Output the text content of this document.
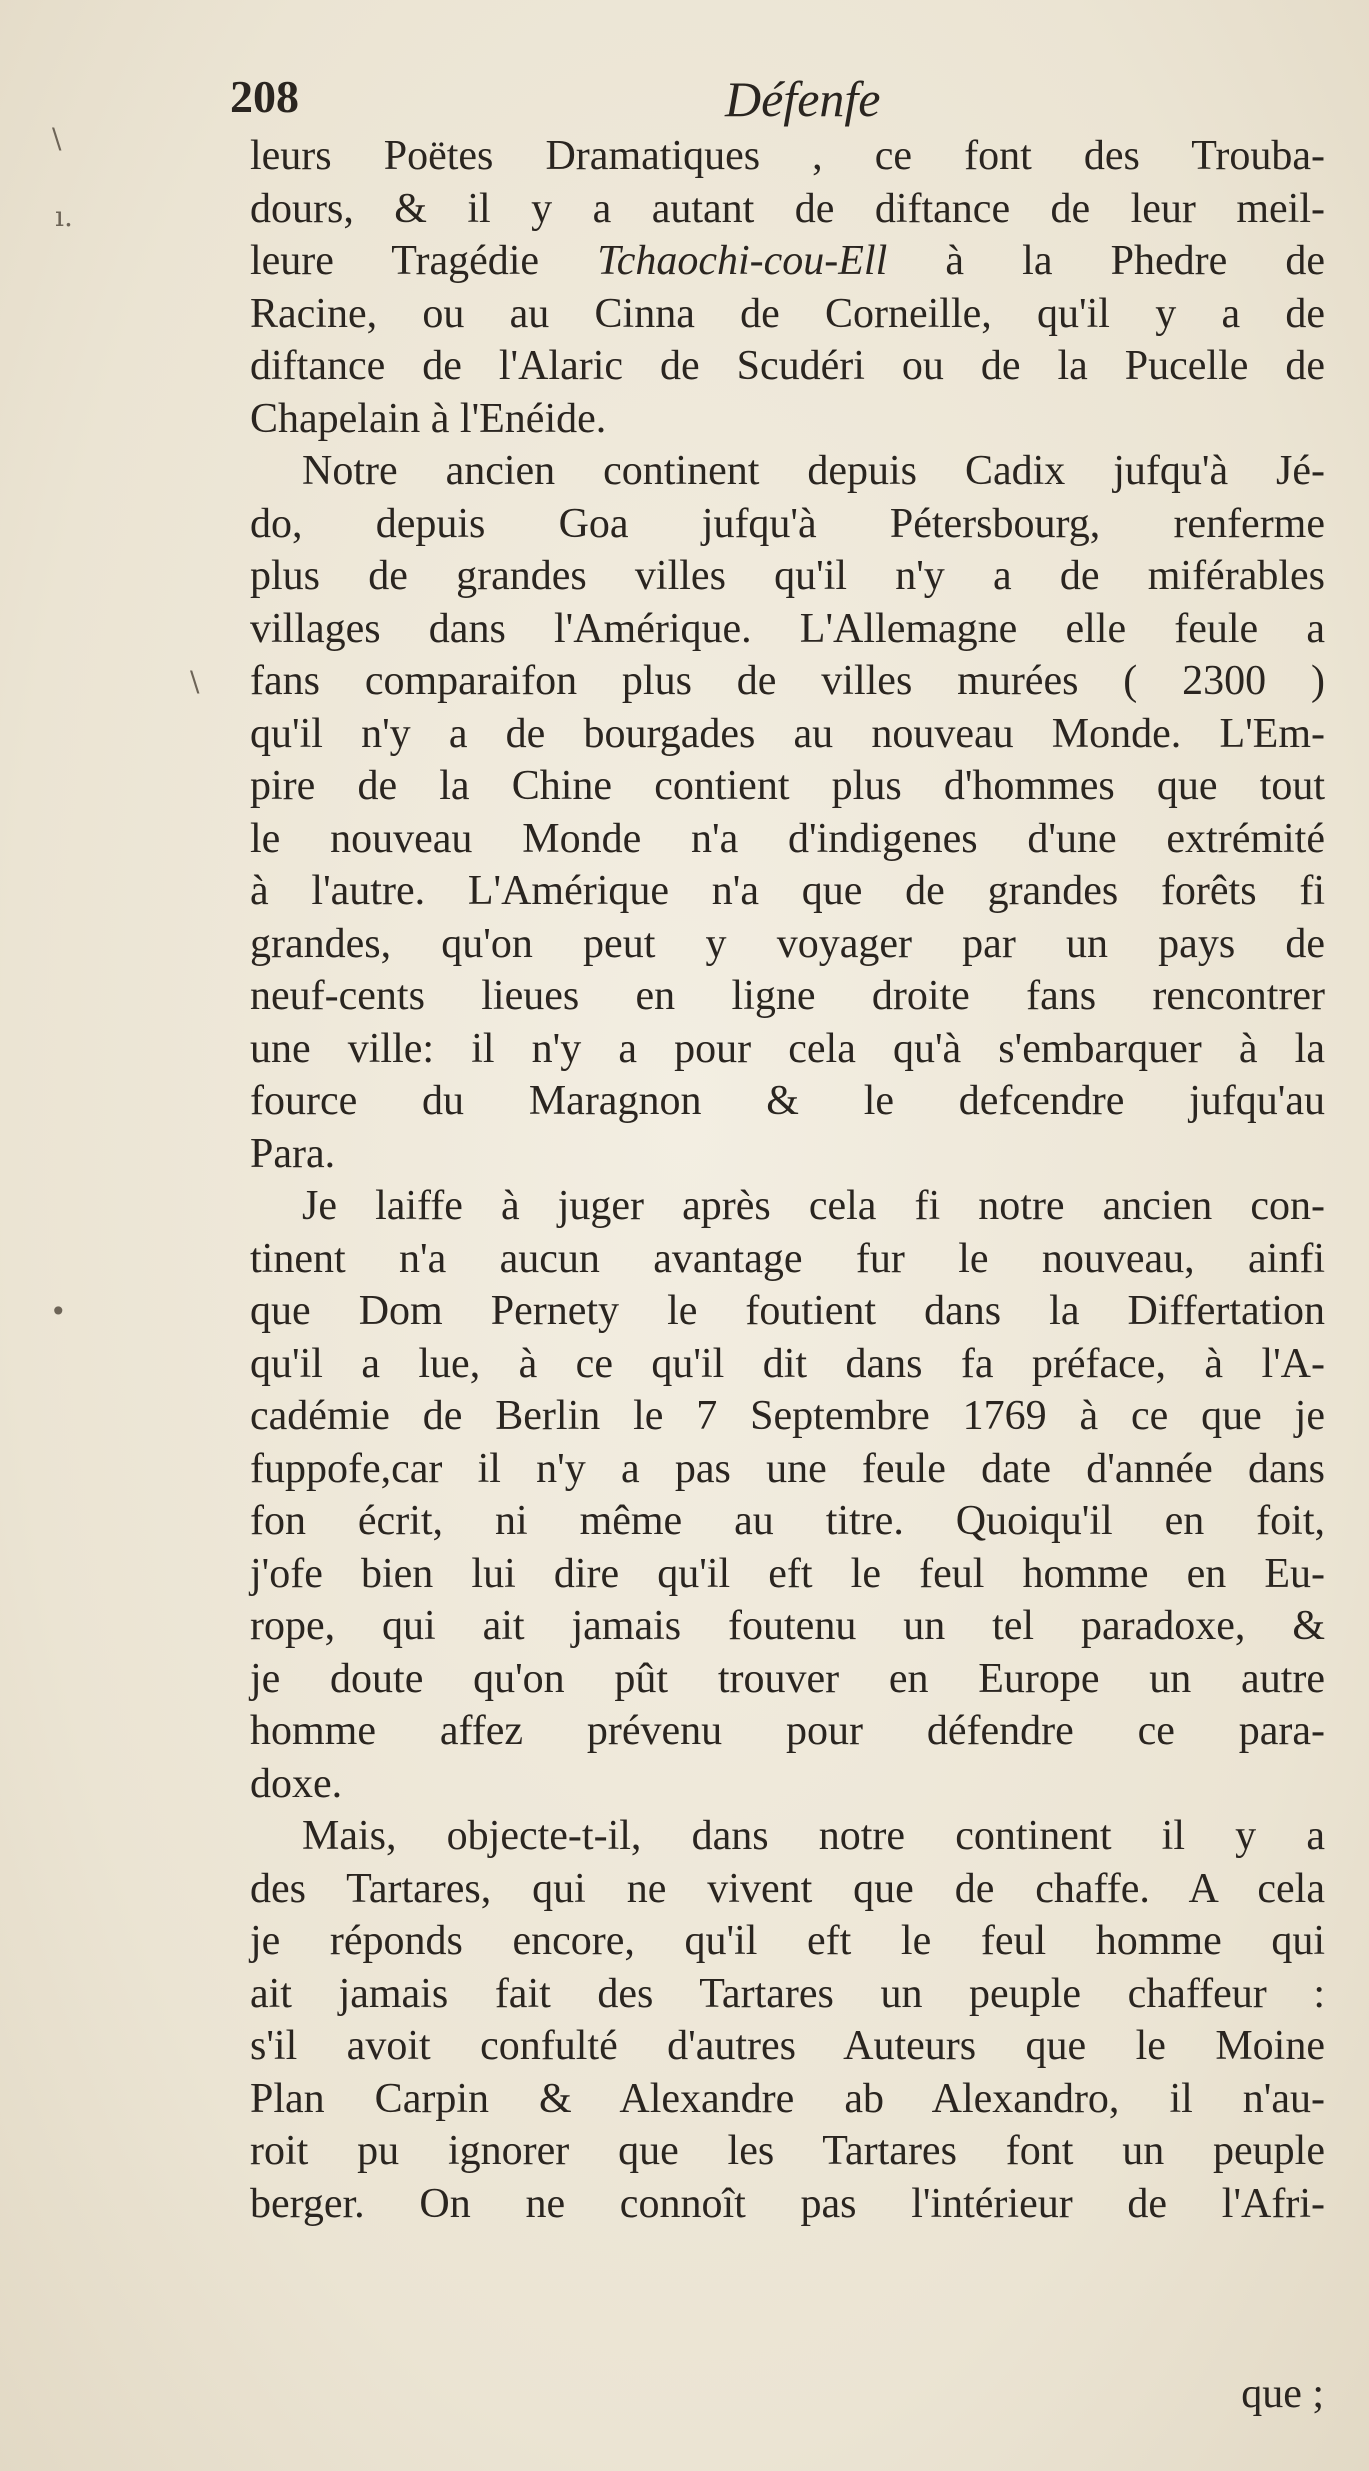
\
ı.
\
•
208	Défenfe
leurs Poëtes Dramatiques , ce font des Trouba-
dours, & il y a autant de diftance de leur meil-
leure Tragédie Tchaochi-cou-Ell à la Phedre de
Racine, ou au Cinna de Corneille, qu'il y a de
diftance de l'Alaric de Scudéri ou de la Pucelle de
Chapelain à l'Enéide.
Notre ancien continent depuis Cadix jufqu'à Jé-
do, depuis Goa jufqu'à Pétersbourg, renferme
plus de grandes villes qu'il n'y a de miférables
villages dans l'Amérique. L'Allemagne elle feule a
fans comparaifon plus de villes murées ( 2300 )
qu'il n'y a de bourgades au nouveau Monde. L'Em-
pire de la Chine contient plus d'hommes que tout
le nouveau Monde n'a d'indigenes d'une extrémité
à l'autre. L'Amérique n'a que de grandes forêts fi
grandes, qu'on peut y voyager par un pays de
neuf-cents lieues en ligne droite fans rencontrer
une ville: il n'y a pour cela qu'à s'embarquer à la
fource du Maragnon & le defcendre jufqu'au
Para.
Je laiffe à juger après cela fi notre ancien con-
tinent n'a aucun avantage fur le nouveau, ainfi
que Dom Pernety le foutient dans la Differtation
qu'il a lue, à ce qu'il dit dans fa préface, à l'A-
cadémie de Berlin le 7 Septembre 1769 à ce que je
fuppofe,car il n'y a pas une feule date d'année dans
fon écrit, ni même au titre. Quoiqu'il en foit,
j'ofe bien lui dire qu'il eft le feul homme en Eu-
rope, qui ait jamais foutenu un tel paradoxe, &
je doute qu'on pût trouver en Europe un autre
homme affez prévenu pour défendre ce para-
doxe.
Mais, objecte-t-il, dans notre continent il y a
des Tartares, qui ne vivent que de chaffe. A cela
je réponds encore, qu'il eft le feul homme qui
ait jamais fait des Tartares un peuple chaffeur :
s'il avoit confulté d'autres Auteurs que le Moine
Plan Carpin & Alexandre ab Alexandro, il n'au-
roit pu ignorer que les Tartares font un peuple
berger. On ne connoît pas l'intérieur de l'Afri-
que ;
